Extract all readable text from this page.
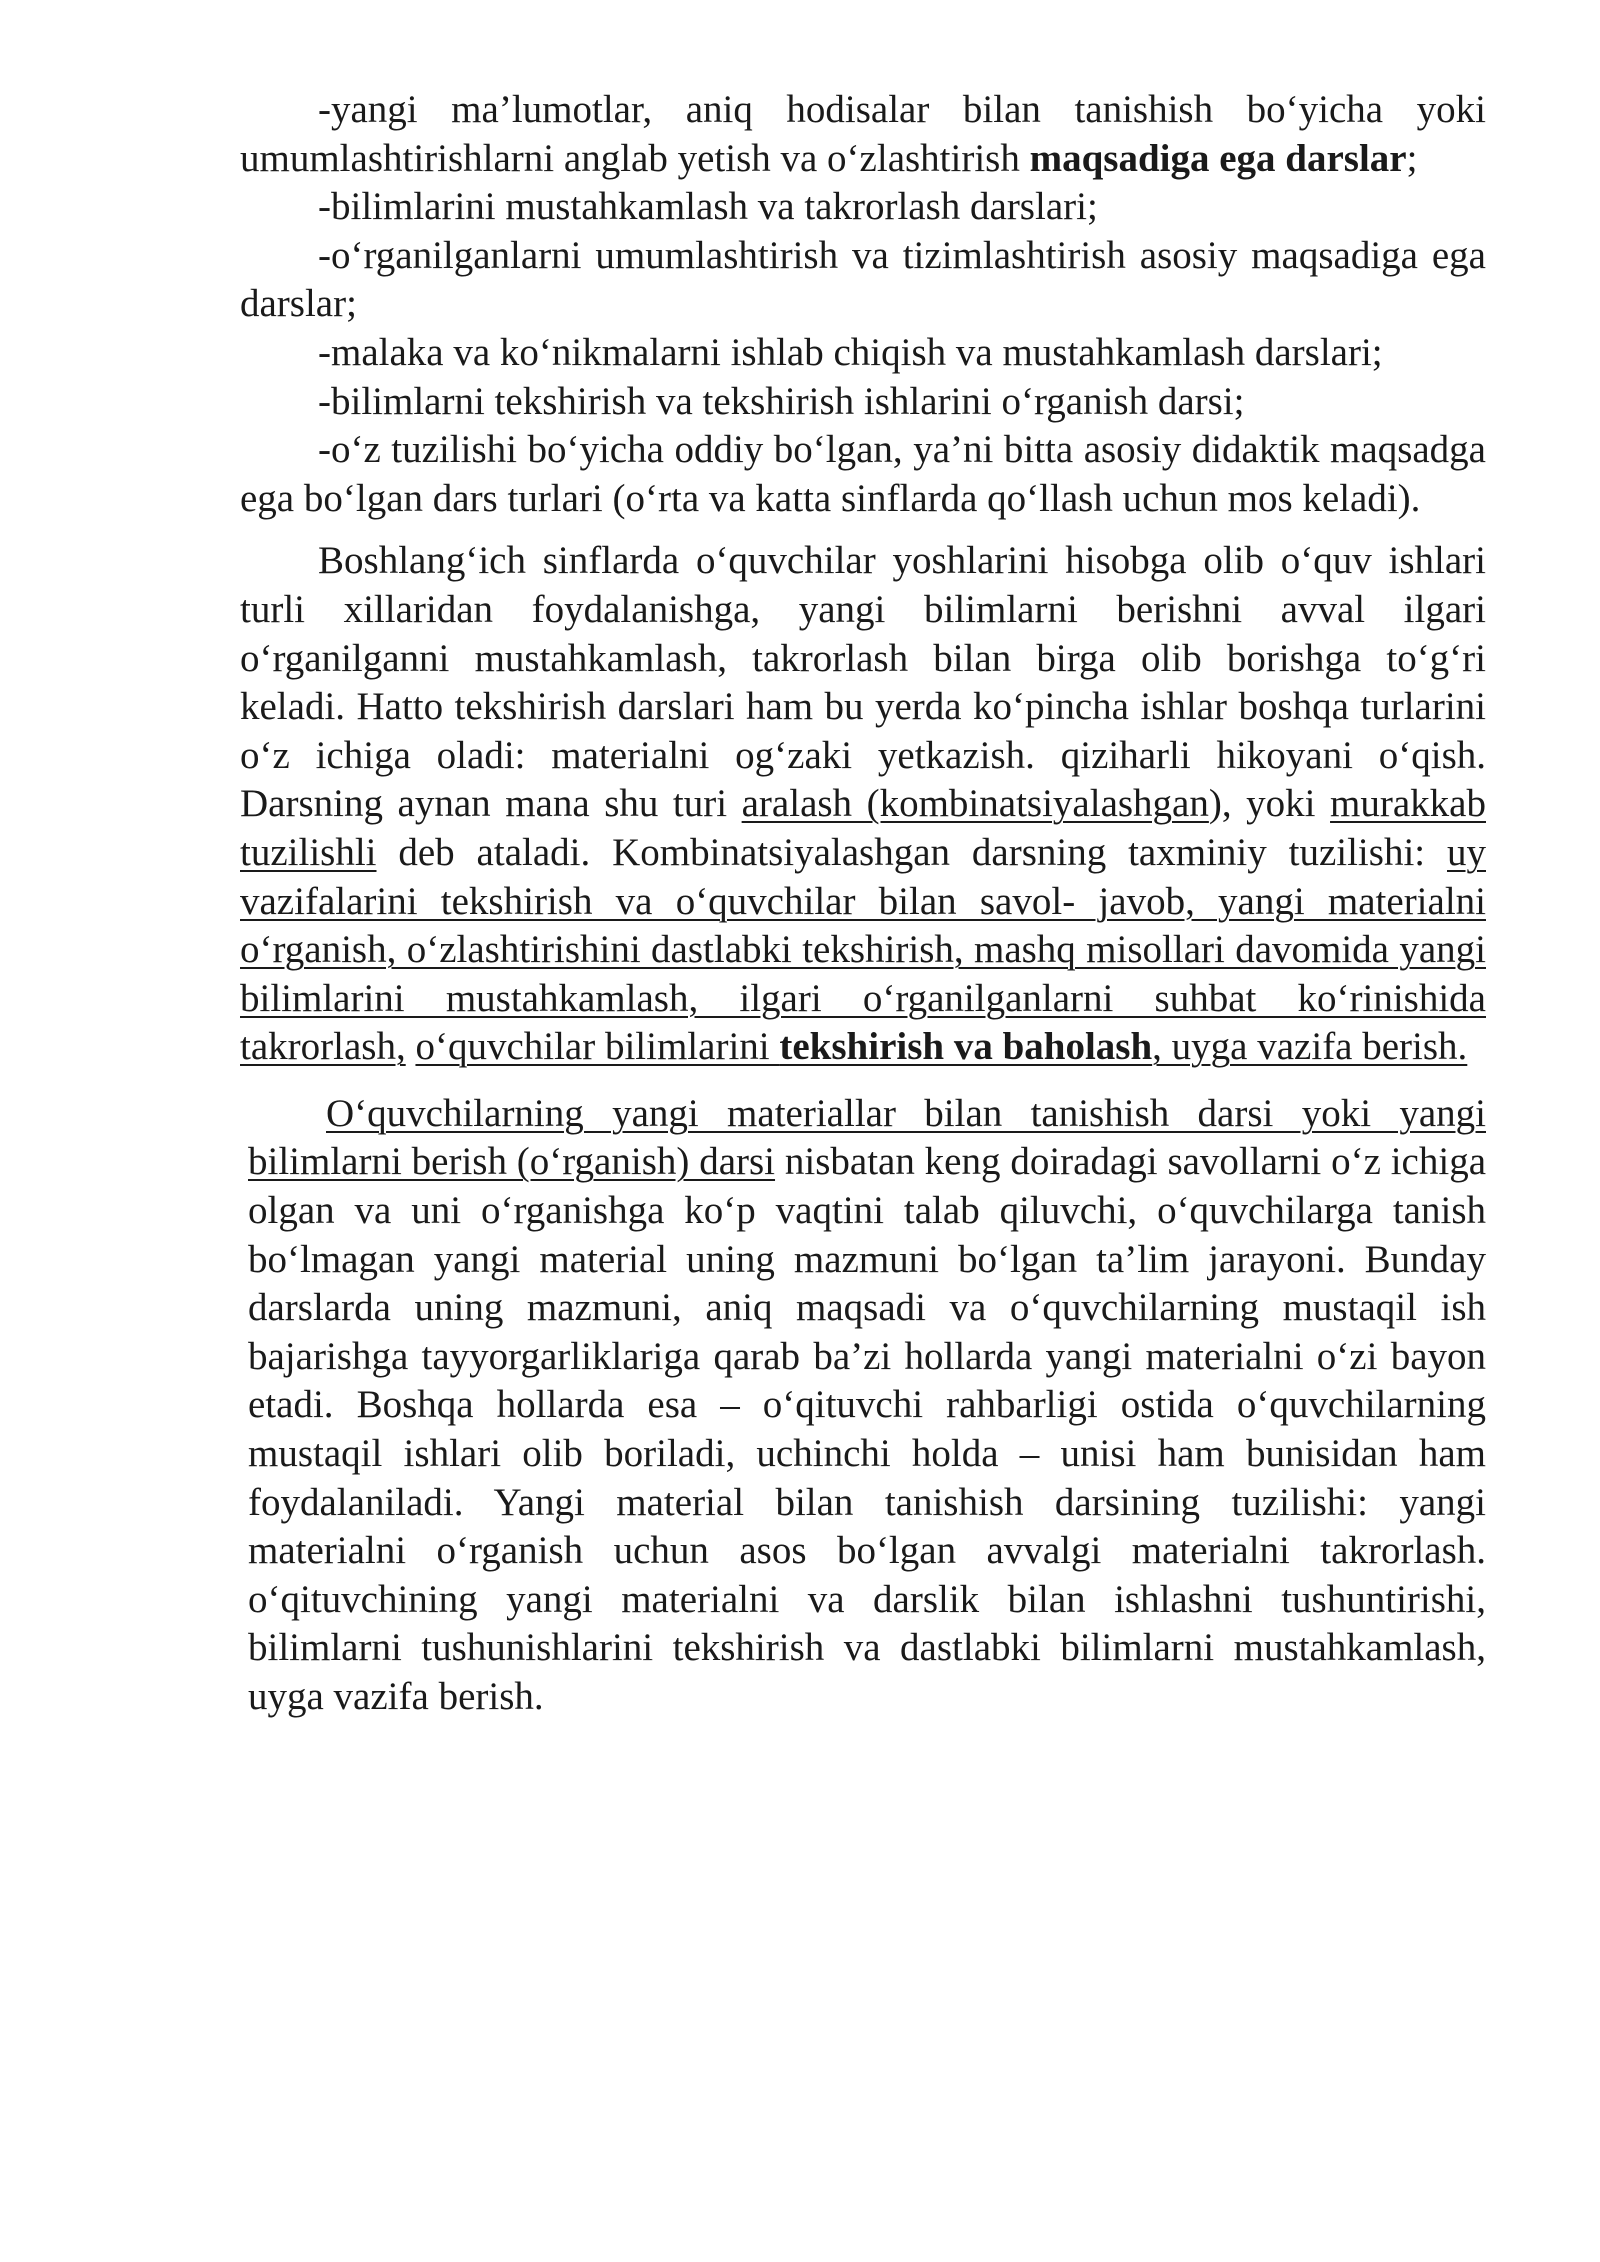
-yangi ma’lumotlar, aniq hodisalar bilan tanishish bo‘yicha yoki umumlashtirishlarni anglab yetish va o‘zlashtirish maqsadiga ega darslar;

-bilimlarini mustahkamlash va takrorlash darslari;

-o‘rganilganlarni umumlashtirish va tizimlashtirish asosiy maqsadiga ega darslar;

-malaka va ko‘nikmalarni ishlab chiqish va mustahkamlash darslari;

-bilimlarni tekshirish va tekshirish ishlarini o‘rganish darsi;

-o‘z tuzilishi bo‘yicha oddiy bo‘lgan, ya’ni bitta asosiy didaktik maqsadga ega bo‘lgan dars turlari (o‘rta va katta sinflarda qo‘llash uchun mos keladi).

Boshlang‘ich sinflarda o‘quvchilar yoshlarini hisobga olib o‘quv ishlari turli xillaridan foydalanishga, yangi bilimlarni berishni avval ilgari o‘rganilganni mustahkamlash, takrorlash bilan birga olib borishga to‘g‘ri keladi. Hatto tekshirish darslari ham bu yerda ko‘pincha ishlar boshqa turlarini o‘z ichiga oladi: materialni og‘zaki yetkazish. qiziharli hikoyani o‘qish. Darsning aynan mana shu turi aralash (kombinatsiyalashgan), yoki murakkab tuzilishli deb ataladi. Kombinatsiyalashgan darsning taxminiy tuzilishi: uy vazifalarini tekshirish va o‘quvchilar bilan savol- javob, yangi materialni o‘rganish, o‘zlashtirishini dastlabki tekshirish, mashq misollari davomida yangi bilimlarini mustahkamlash, ilgari o‘rganilganlarni suhbat ko‘rinishida takrorlash, o‘quvchilar bilimlarini tekshirish va baholash, uyga vazifa berish.

O‘quvchilarning yangi materiallar bilan tanishish darsi yoki yangi bilimlarni berish (o‘rganish) darsi nisbatan keng doiradagi savollarni o‘z ichiga olgan va uni o‘rganishga ko‘p vaqtini talab qiluvchi, o‘quvchilarga tanish bo‘lmagan yangi material uning mazmuni bo‘lgan ta’lim jarayoni. Bunday darslarda uning mazmuni, aniq maqsadi va o‘quvchilarning mustaqil ish bajarishga tayyorgarliklariga qarab ba’zi hollarda yangi materialni o‘zi bayon etadi. Boshqa hollarda esa – o‘qituvchi rahbarligi ostida o‘quvchilarning mustaqil ishlari olib boriladi, uchinchi holda – unisi ham bunisidan ham foydalaniladi. Yangi material bilan tanishish darsining tuzilishi: yangi materialni o‘rganish uchun asos bo‘lgan avvalgi materialni takrorlash. o‘qituvchining yangi materialni va darslik bilan ishlashni tushuntirishi, bilimlarni tushunishlarini tekshirish va dastlabki bilimlarni mustahkamlash, uyga vazifa berish.
